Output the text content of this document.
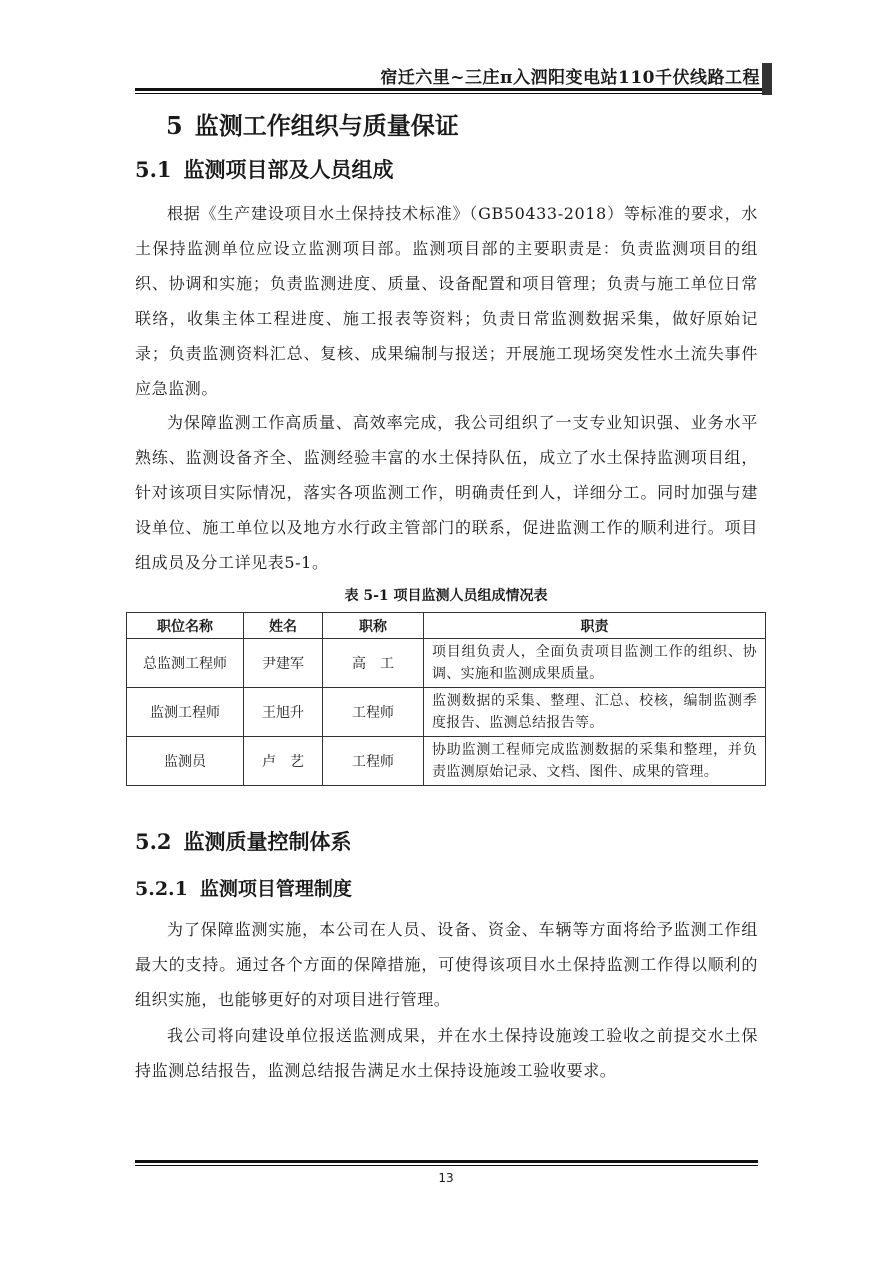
宿迁六里~三庄π入泗阳变电站110千伏线路工程
5 监测工作组织与质量保证
5.1 监测项目部及人员组成
根据《生产建设项目水土保持技术标准》（GB50433-2018）等标准的要求，水土保持监测单位应设立监测项目部。监测项目部的主要职责是：负责监测项目的组织、协调和实施；负责监测进度、质量、设备配置和项目管理；负责与施工单位日常联络，收集主体工程进度、施工报表等资料；负责日常监测数据采集，做好原始记录；负责监测资料汇总、复核、成果编制与报送；开展施工现场突发性水土流失事件应急监测。
为保障监测工作高质量、高效率完成，我公司组织了一支专业知识强、业务水平熟练、监测设备齐全、监测经验丰富的水土保持队伍，成立了水土保持监测项目组，针对该项目实际情况，落实各项监测工作，明确责任到人，详细分工。同时加强与建设单位、施工单位以及地方水行政主管部门的联系，促进监测工作的顺利进行。项目组成员及分工详见表5-1。
表 5-1 项目监测人员组成情况表
职位名称	姓名	职称	职责
总监测工程师	尹建军	高　工	项目组负责人，全面负责项目监测工作的组织、协调、实施和监测成果质量。
监测工程师	王旭升	工程师	监测数据的采集、整理、汇总、校核，编制监测季度报告、监测总结报告等。
监测员	卢　艺	工程师	协助监测工程师完成监测数据的采集和整理，并负责监测原始记录、文档、图件、成果的管理。
5.2 监测质量控制体系
5.2.1 监测项目管理制度
为了保障监测实施，本公司在人员、设备、资金、车辆等方面将给予监测工作组最大的支持。通过各个方面的保障措施，可使得该项目水土保持监测工作得以顺利的组织实施，也能够更好的对项目进行管理。
我公司将向建设单位报送监测成果，并在水土保持设施竣工验收之前提交水土保持监测总结报告，监测总结报告满足水土保持设施竣工验收要求。
13
